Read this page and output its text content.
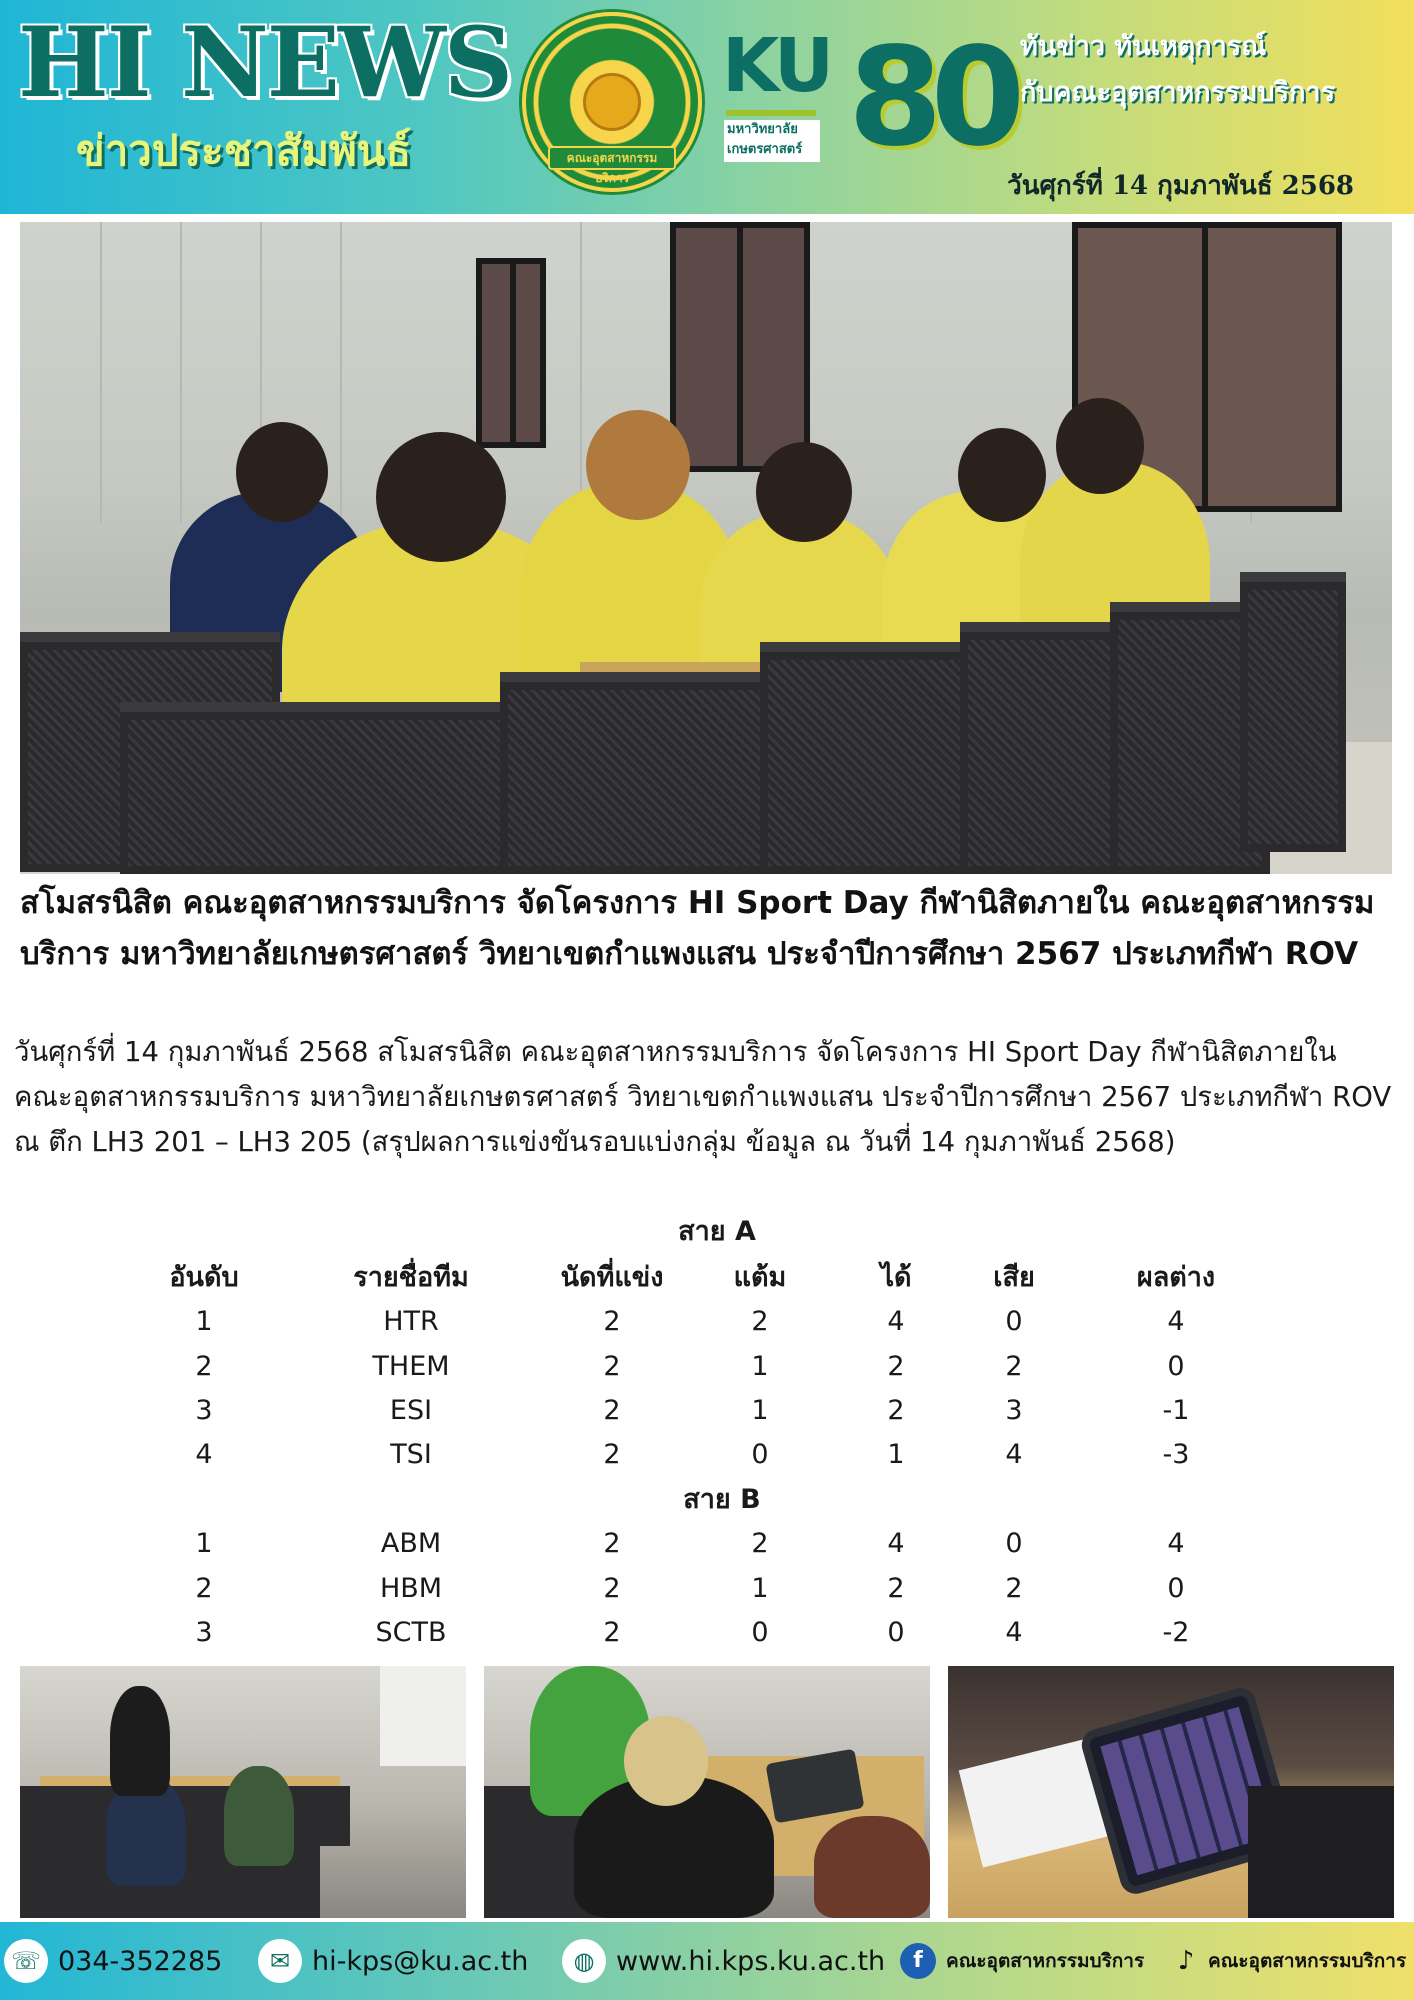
HI NEWS
ข่าวประชาสัมพันธ์	คณะอุตสาหกรรมบริการ
KU
มหาวิทยาลัย เกษตรศาสตร์ 80 ทันข่าว ทันเหตุการณ์
กับคณะอุตสาหกรรมบริการ
วันศุกร์ที่ 14 กุมภาพันธ์ 2568
สโมสรนิสิต คณะอุตสาหกรรมบริการ จัดโครงการ HI Sport Day กีฬานิสิตภายใน คณะอุตสาหกรรมบริการ มหาวิทยาลัยเกษตรศาสตร์ วิทยาเขตกำแพงแสน ประจำปีการศึกษา 2567 ประเภทกีฬา ROV
วันศุกร์ที่ 14 กุมภาพันธ์ 2568 สโมสรนิสิต คณะอุตสาหกรรมบริการ จัดโครงการ HI Sport Day กีฬานิสิตภายใน คณะอุตสาหกรรมบริการ มหาวิทยาลัยเกษตรศาสตร์ วิทยาเขตกำแพงแสน ประจำปีการศึกษา 2567 ประเภทกีฬา ROV ณ ตึก LH3 201 – LH3 205 (สรุปผลการแข่งขันรอบแบ่งกลุ่ม ข้อมูล ณ วันที่ 14 กุมภาพันธ์ 2568)
สาย A
สาย B
อันดับ	รายชื่อทีม	นัดที่แข่ง	แต้ม	ได้	เสีย	ผลต่าง
1	HTR	2	2	4	0	4
2	THEM	2	1	2	2	0
3	ESI	2	1	2	3	-1
4	TSI	2	0	1	4	-3
1	ABM	2	2	4	0	4
2	HBM	2	1	2	2	0
3	SCTB	2	0	0	4	-2
☏ 034-352285	✉ hi-kps@ku.ac.th	◍ www.hi.kps.ku.ac.th	f	คณะอุตสาหกรรมบริการ ♪ คณะอุตสาหกรรมบริการ
